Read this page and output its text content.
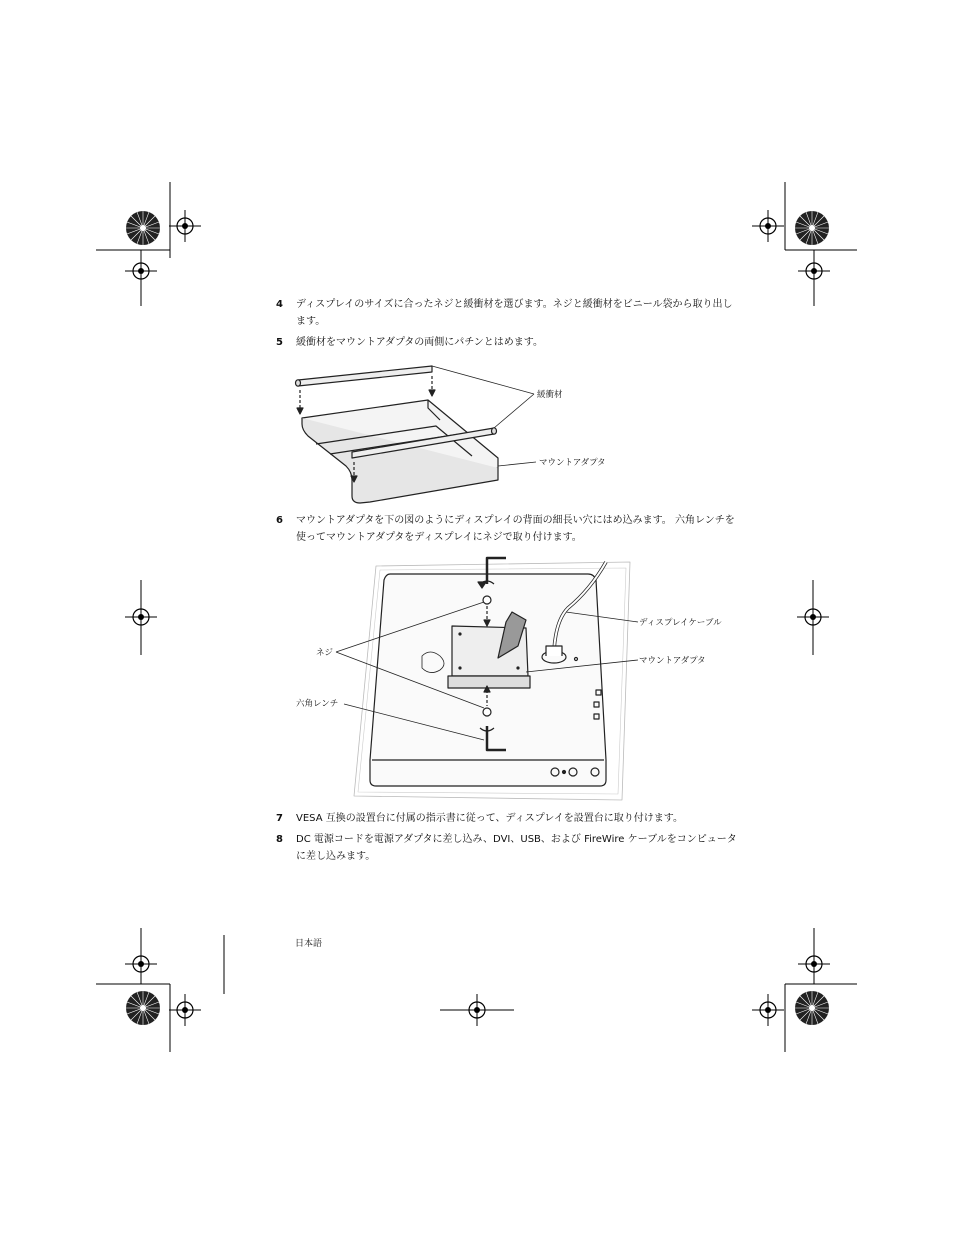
4 ディスプレイのサイズに合ったネジと緩衝材を選びます。ネジと緩衝材をビニール袋から取り出します。
5 緩衝材をマウントアダプタの両側にパチンとはめます。
緩衝材
マウントアダプタ
6 マウントアダプタを下の図のようにディスプレイの背面の細長い穴にはめ込みます。 六角レンチを使ってマウントアダプタをディスプレイにネジで取り付けます。
ディスプレイケーブル
マウントアダプタ
ネジ
六角レンチ
7 VESA 互換の設置台に付属の指示書に従って、ディスプレイを設置台に取り付けます。
8 DC 電源コードを電源アダプタに差し込み、DVI、USB、および FireWire ケーブルをコンピュータに差し込みます。
日本語
